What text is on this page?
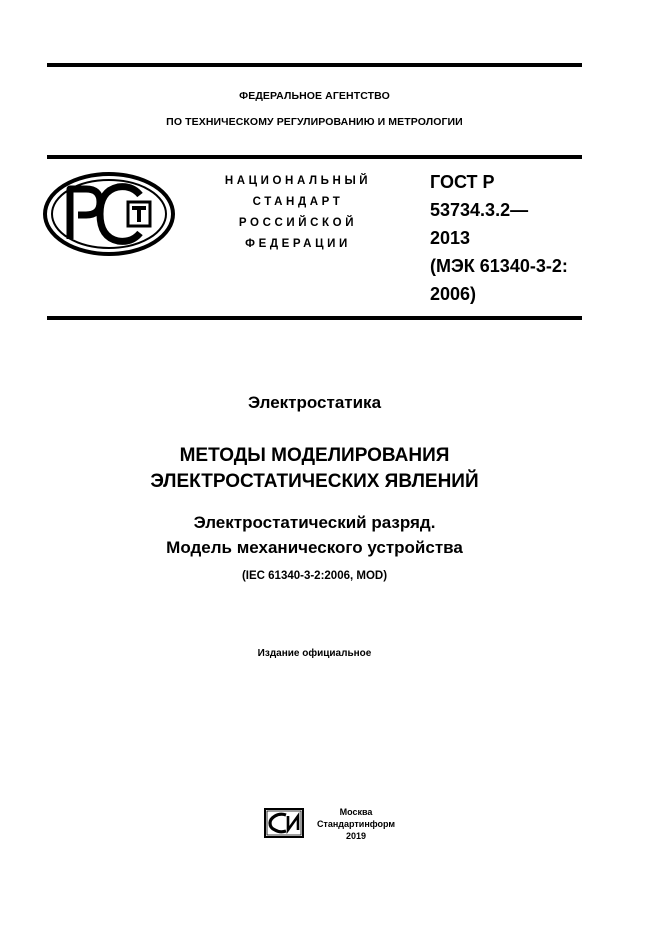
ФЕДЕРАЛЬНОЕ АГЕНТСТВО
ПО ТЕХНИЧЕСКОМУ РЕГУЛИРОВАНИЮ И МЕТРОЛОГИИ
НАЦИОНАЛЬНЫЙ
СТАНДАРТ
РОССИЙСКОЙ
ФЕДЕРАЦИИ
ГОСТ Р
53734.3.2—
2013
(МЭК 61340-3-2:
2006)
Электростатика
МЕТОДЫ МОДЕЛИРОВАНИЯ
ЭЛЕКТРОСТАТИЧЕСКИХ ЯВЛЕНИЙ
Электростатический разряд.
Модель механического устройства
(IEC 61340-3-2:2006, MOD)
Издание официальное
Москва
Стандартинформ
2019
